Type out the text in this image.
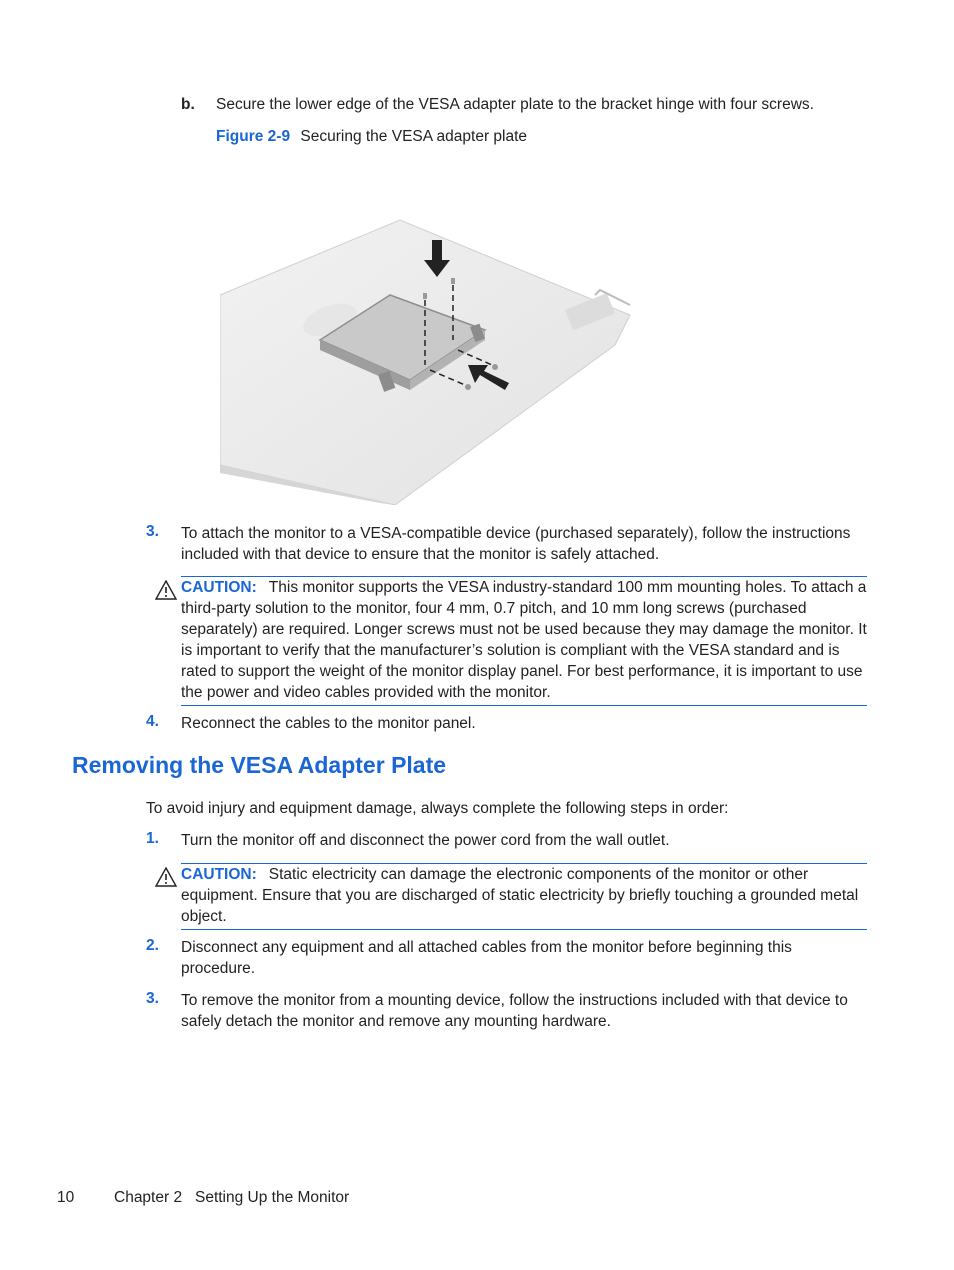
b. Secure the lower edge of the VESA adapter plate to the bracket hinge with four screws.
Figure 2-9 Securing the VESA adapter plate
3. To attach the monitor to a VESA-compatible device (purchased separately), follow the instructions included with that device to ensure that the monitor is safely attached.
CAUTION: This monitor supports the VESA industry-standard 100 mm mounting holes. To attach a third-party solution to the monitor, four 4 mm, 0.7 pitch, and 10 mm long screws (purchased separately) are required. Longer screws must not be used because they may damage the monitor. It is important to verify that the manufacturer’s solution is compliant with the VESA standard and is rated to support the weight of the monitor display panel. For best performance, it is important to use the power and video cables provided with the monitor.
4. Reconnect the cables to the monitor panel.
Removing the VESA Adapter Plate
To avoid injury and equipment damage, always complete the following steps in order:
1. Turn the monitor off and disconnect the power cord from the wall outlet.
CAUTION: Static electricity can damage the electronic components of the monitor or other equipment. Ensure that you are discharged of static electricity by briefly touching a grounded metal object.
2. Disconnect any equipment and all attached cables from the monitor before beginning this procedure.
3. To remove the monitor from a mounting device, follow the instructions included with that device to safely detach the monitor and remove any mounting hardware.
10	Chapter 2   Setting Up the Monitor
